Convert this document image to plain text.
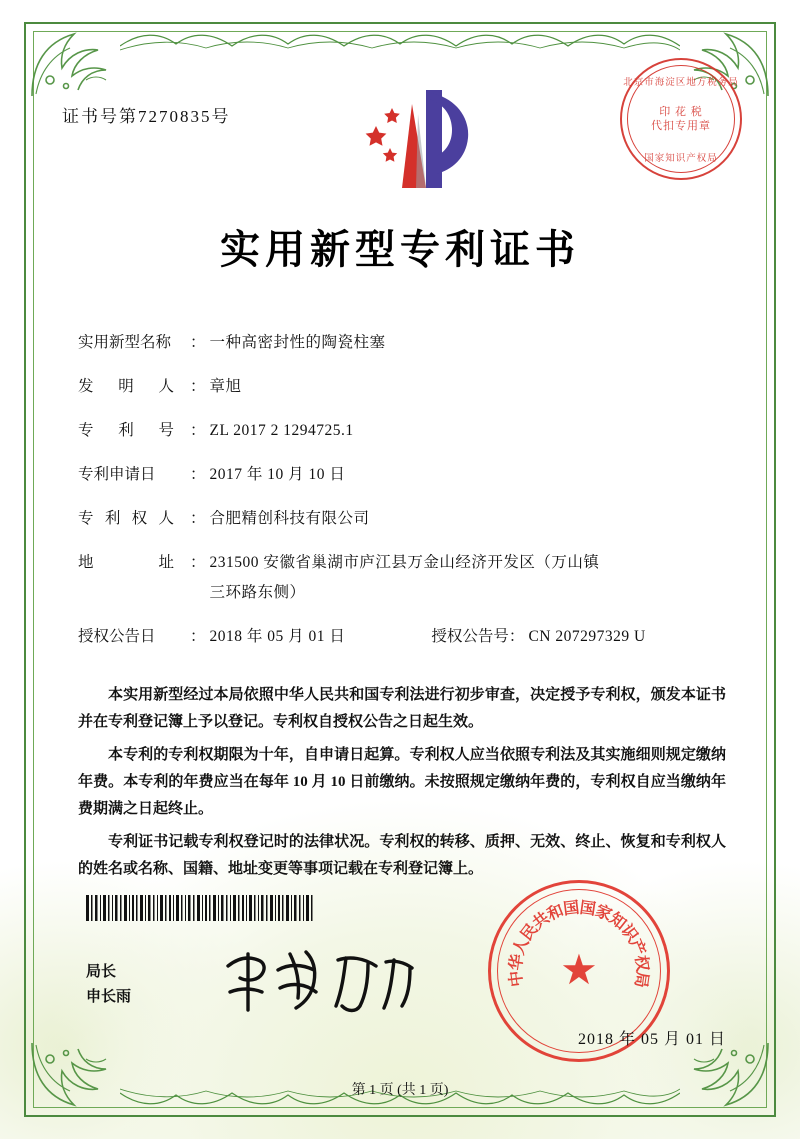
证书号第7270835号
北京市海淀区地方税务局
印 花 税
代扣专用章
国家知识产权局
实用新型专利证书
实用新型名称	： 一种高密封性的陶瓷柱塞
发明人	： 章旭
专利号	： ZL 2017 2 1294725.1
专利申请日	： 2017 年 10 月 10 日
专利权人	： 合肥精创科技有限公司
地址	： 231500 安徽省巢湖市庐江县万金山经济开发区（万山镇
三环路东侧）
授权公告日	： 2018 年 05 月 01 日	授权公告号 ： CN 207297329 U

本实用新型经过本局依照中华人民共和国专利法进行初步审查，决定授予专利权，颁发本证书并在专利登记簿上予以登记。专利权自授权公告之日起生效。

本专利的专利权期限为十年，自申请日起算。专利权人应当依照专利法及其实施细则规定缴纳年费。本专利的年费应当在每年 10 月 10 日前缴纳。未按照规定缴纳年费的，专利权自应当缴纳年费期满之日起终止。

专利证书记载专利权登记时的法律状况。专利权的转移、质押、无效、终止、恢复和专利权人的姓名或名称、国籍、地址变更等事项记载在专利登记簿上。

局长
申长雨
中
华
人
民
共
和
国
国
家
知
识
产
权
局
★
2018 年 05 月 01 日
第 1 页 (共 1 页)
